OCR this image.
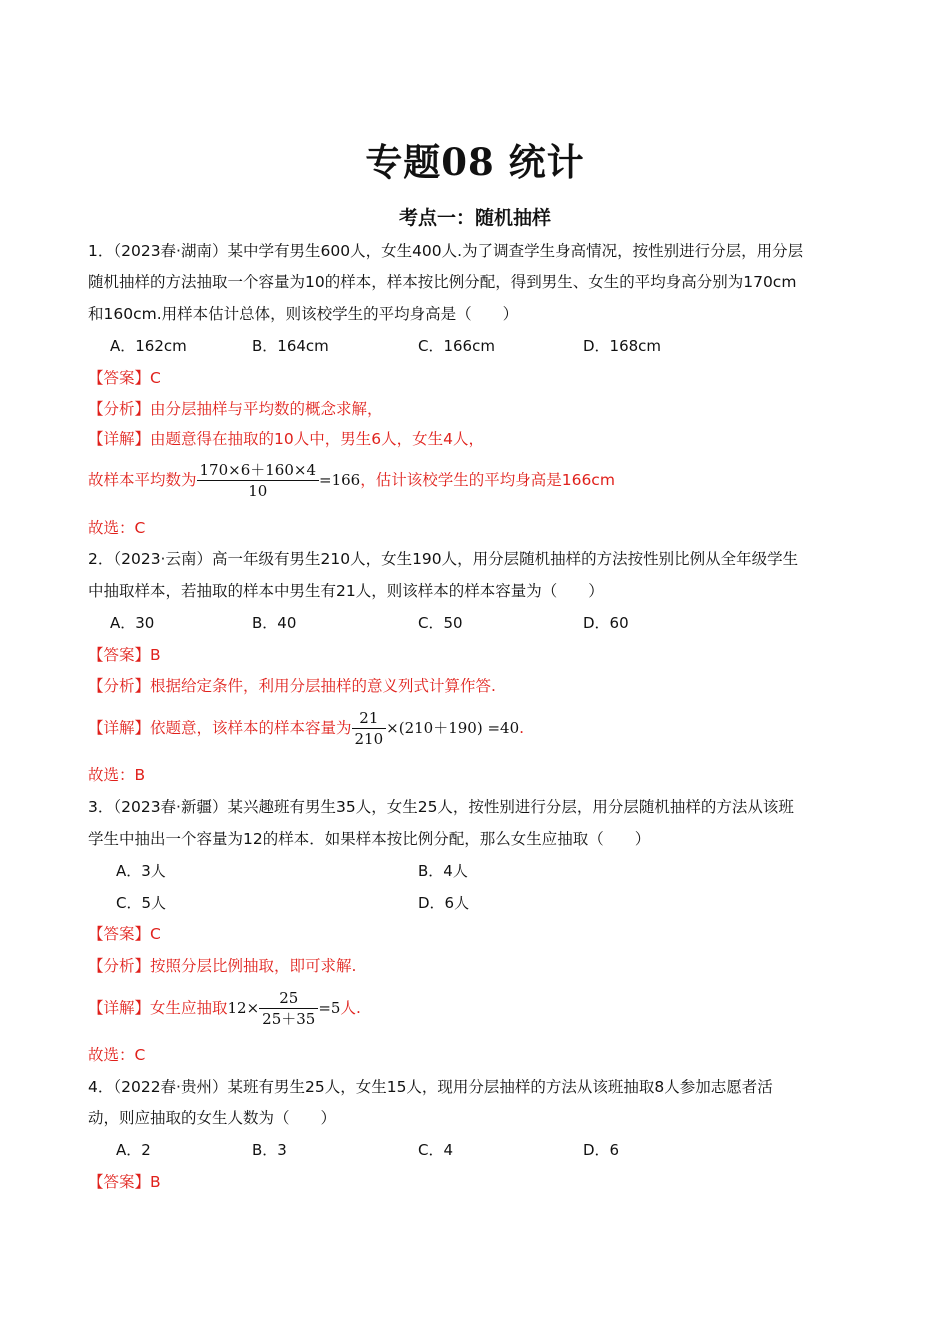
专题08 统计
考点一：随机抽样
1．（2023春·湖南）某中学有男生600人，女生400人.为了调查学生身高情况，按性别进行分层，用分层
随机抽样的方法抽取一个容量为10的样本，样本按比例分配，得到男生、女生的平均身高分别为170cm
和160cm.用样本估计总体，则该校学生的平均身高是（　　）
A．162cm	B．164cm	C．166cm	D．168cm
【答案】C
【分析】由分层抽样与平均数的概念求解，
【详解】由题意得在抽取的10人中，男生6人，女生4人，
故样本平均数为 $\frac{170\times 6+160\times 4}{10} =166$，估计该校学生的平均身高是166cm
故选：C
2．（2023·云南）高一年级有男生210人，女生190人，用分层随机抽样的方法按性别比例从全年级学生
中抽取样本，若抽取的样本中男生有21人，则该样本的样本容量为（　　）
A．30	B．40	C．50	D．60
【答案】B
【分析】根据给定条件，利用分层抽样的意义列式计算作答.
【详解】依题意，该样本的样本容量为 $\frac{21}{210} \times(210+190) =40$.
故选：B
3．（2023春·新疆）某兴趣班有男生35人，女生25人，按性别进行分层，用分层随机抽样的方法从该班
学生中抽出一个容量为12的样本．如果样本按比例分配，那么女生应抽取（　　）
A．3人	B．4人
C．5人	D．6人
【答案】C
【分析】按照分层比例抽取，即可求解.
【详解】女生应抽取$12\times \frac{25}{25+35} =5$人.
故选：C
4．（2022春·贵州）某班有男生25人，女生15人，现用分层抽样的方法从该班抽取8人参加志愿者活
动，则应抽取的女生人数为（　　）
A．2	B．3	C．4	D．6
【答案】B
